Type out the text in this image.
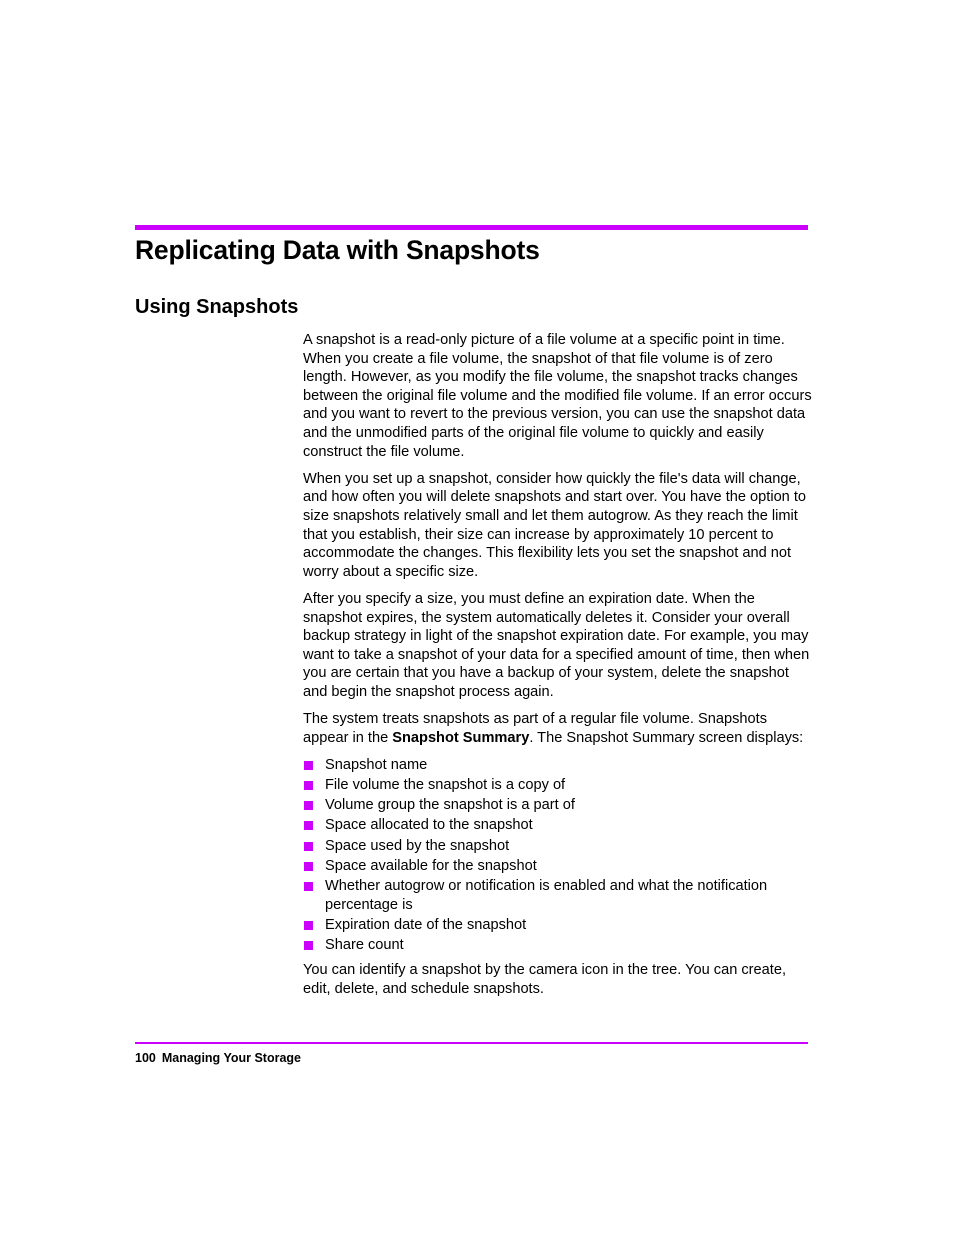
Replicating Data with Snapshots
Using Snapshots

A snapshot is a read-only picture of a file volume at a specific point in time. When you create a file volume, the snapshot of that file volume is of zero length. However, as you modify the file volume, the snapshot tracks changes between the original file volume and the modified file volume. If an error occurs and you want to revert to the previous version, you can use the snapshot data and the unmodified parts of the original file volume to quickly and easily construct the file volume.

When you set up a snapshot, consider how quickly the file's data will change, and how often you will delete snapshots and start over. You have the option to size snapshots relatively small and let them autogrow. As they reach the limit that you establish, their size can increase by approximately 10 percent to accommodate the changes. This flexibility lets you set the snapshot and not worry about a specific size.

After you specify a size, you must define an expiration date. When the snapshot expires, the system automatically deletes it. Consider your overall backup strategy in light of the snapshot expiration date. For example, you may want to take a snapshot of your data for a specified amount of time, then when you are certain that you have a backup of your system, delete the snapshot and begin the snapshot process again.

The system treats snapshots as part of a regular file volume. Snapshots appear in the Snapshot Summary. The Snapshot Summary screen displays:

Snapshot name
File volume the snapshot is a copy of
Volume group the snapshot is a part of
Space allocated to the snapshot
Space used by the snapshot
Space available for the snapshot
Whether autogrow or notification is enabled and what the notification percentage is
Expiration date of the snapshot
Share count

You can identify a snapshot by the camera icon in the tree. You can create, edit, delete, and schedule snapshots.

100 Managing Your Storage
